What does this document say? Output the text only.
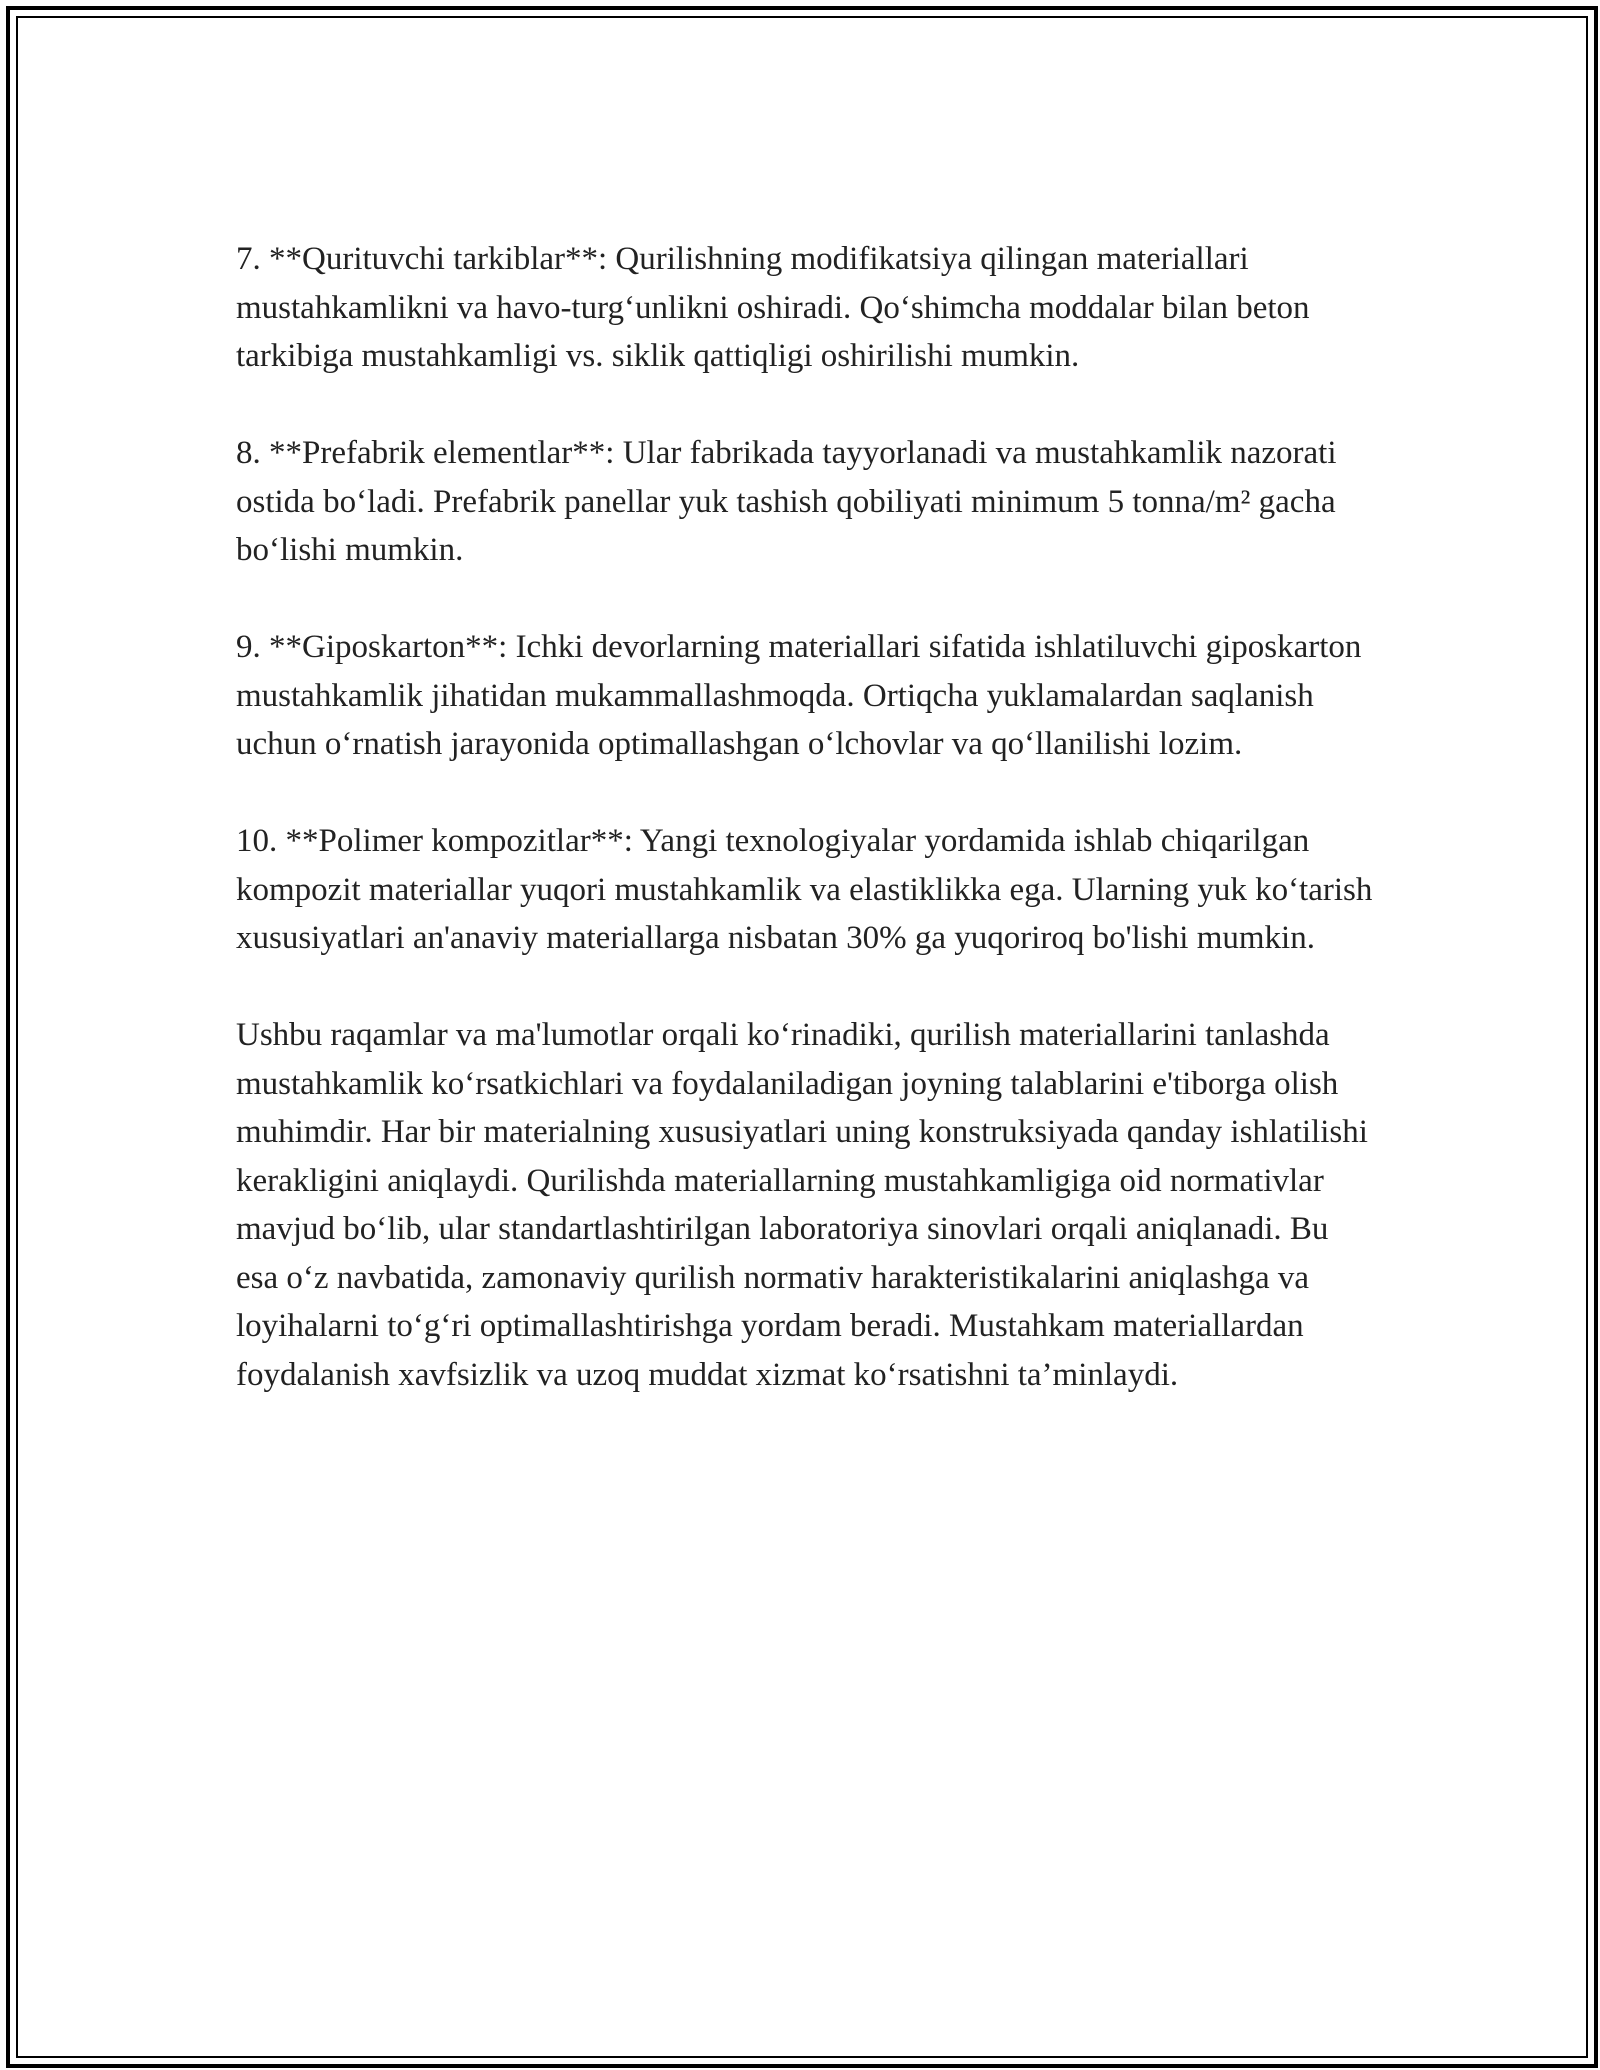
7. **Qurituvchi tarkiblar**: Qurilishning modifikatsiya qilingan materiallari mustahkamlikni va havo-turg‘unlikni oshiradi. Qo‘shimcha moddalar bilan beton tarkibiga mustahkamligi vs. siklik qattiqligi oshirilishi mumkin.

8. **Prefabrik elementlar**: Ular fabrikada tayyorlanadi va mustahkamlik nazorati ostida bo‘ladi. Prefabrik panellar yuk tashish qobiliyati minimum 5 tonna/m² gacha bo‘lishi mumkin.

9. **Giposkarton**: Ichki devorlarning materiallari sifatida ishlatiluvchi giposkarton mustahkamlik jihatidan mukammallashmoqda. Ortiqcha yuklamalardan saqlanish uchun o‘rnatish jarayonida optimallashgan o‘lchovlar va qo‘llanilishi lozim.

10. **Polimer kompozitlar**: Yangi texnologiyalar yordamida ishlab chiqarilgan kompozit materiallar yuqori mustahkamlik va elastiklikka ega. Ularning yuk ko‘tarish xususiyatlari an'anaviy materiallarga nisbatan 30% ga yuqoriroq bo'lishi mumkin.

Ushbu raqamlar va ma'lumotlar orqali ko‘rinadiki, qurilish materiallarini tanlashda mustahkamlik ko‘rsatkichlari va foydalaniladigan joyning talablarini e'tiborga olish muhimdir. Har bir materialning xususiyatlari uning konstruksiyada qanday ishlatilishi kerakligini aniqlaydi. Qurilishda materiallarning mustahkamligiga oid normativlar mavjud bo‘lib, ular standartlashtirilgan laboratoriya sinovlari orqali aniqlanadi. Bu esa o‘z navbatida, zamonaviy qurilish normativ harakteristikalarini aniqlashga va loyihalarni to‘g‘ri optimallashtirishga yordam beradi. Mustahkam materiallardan foydalanish xavfsizlik va uzoq muddat xizmat ko‘rsatishni ta’minlaydi.
